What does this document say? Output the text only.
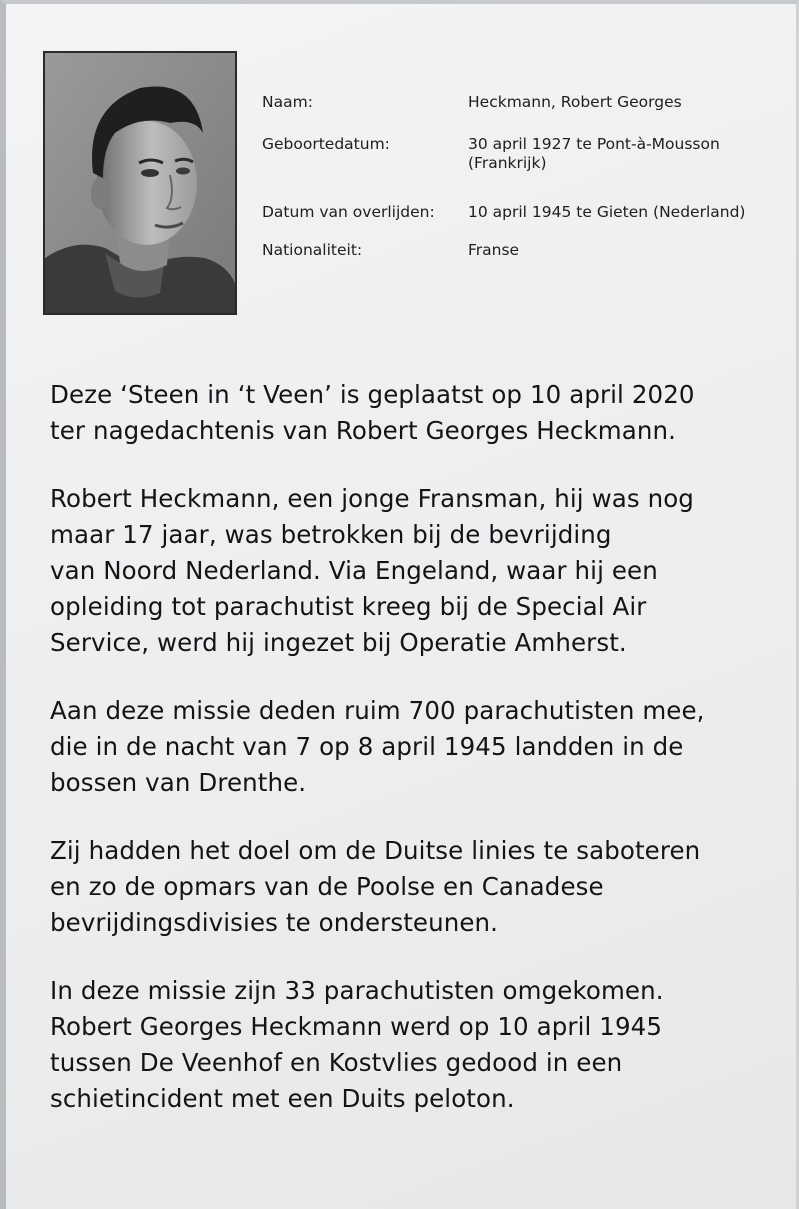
Naam:	Heckmann, Robert Georges
Geboortedatum:	30 april 1927 te Pont-à-Mousson
(Frankrijk)
Datum van overlijden: 10 april 1945 te Gieten (Nederland)
Nationaliteit:	Franse

Deze ‘Steen in ‘t Veen’ is geplaatst op 10 april 2020
ter nagedachtenis van Robert Georges Heckmann.

Robert Heckmann, een jonge Fransman, hij was nog
maar 17 jaar, was betrokken bij de bevrijding
van Noord Nederland. Via Engeland, waar hij een
opleiding tot parachutist kreeg bij de Special Air
Service, werd hij ingezet bij Operatie Amherst.

Aan deze missie deden ruim 700 parachutisten mee,
die in de nacht van 7 op 8 april 1945 landden in de
bossen van Drenthe.

Zij hadden het doel om de Duitse linies te saboteren
en zo de opmars van de Poolse en Canadese
bevrijdingsdivisies te ondersteunen.

In deze missie zijn 33 parachutisten omgekomen.
Robert Georges Heckmann werd op 10 april 1945
tussen De Veenhof en Kostvlies gedood in een
schietincident met een Duits peloton.
